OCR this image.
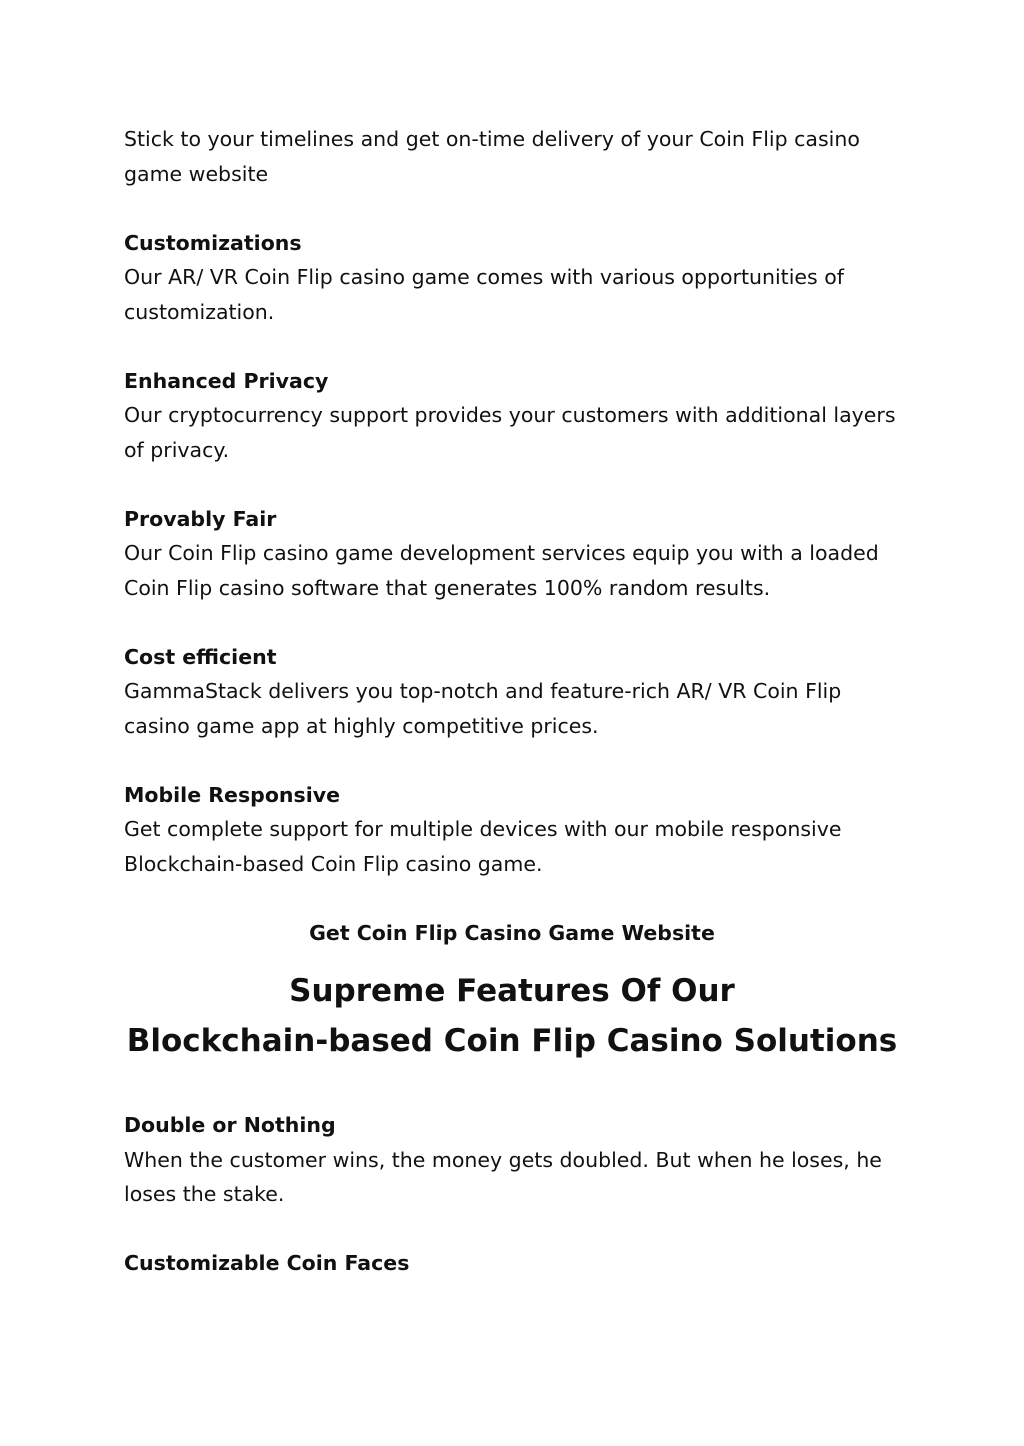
Stick to your timelines and get on-time delivery of your Coin Flip casino game website

Customizations

Our AR/ VR Coin Flip casino game comes with various opportunities of customization.

Enhanced Privacy

Our cryptocurrency support provides your customers with additional layers of privacy.

Provably Fair

Our Coin Flip casino game development services equip you with a loaded Coin Flip casino software that generates 100% random results.

Cost efficient

GammaStack delivers you top-notch and feature-rich AR/ VR Coin Flip casino game app at highly competitive prices.

Mobile Responsive

Get complete support for multiple devices with our mobile responsive Blockchain-based Coin Flip casino game.

Get Coin Flip Casino Game Website

Supreme Features Of Our
Blockchain-based Coin Flip Casino Solutions

Double or Nothing

When the customer wins, the money gets doubled. But when he loses, he loses the stake.

Customizable Coin Faces
